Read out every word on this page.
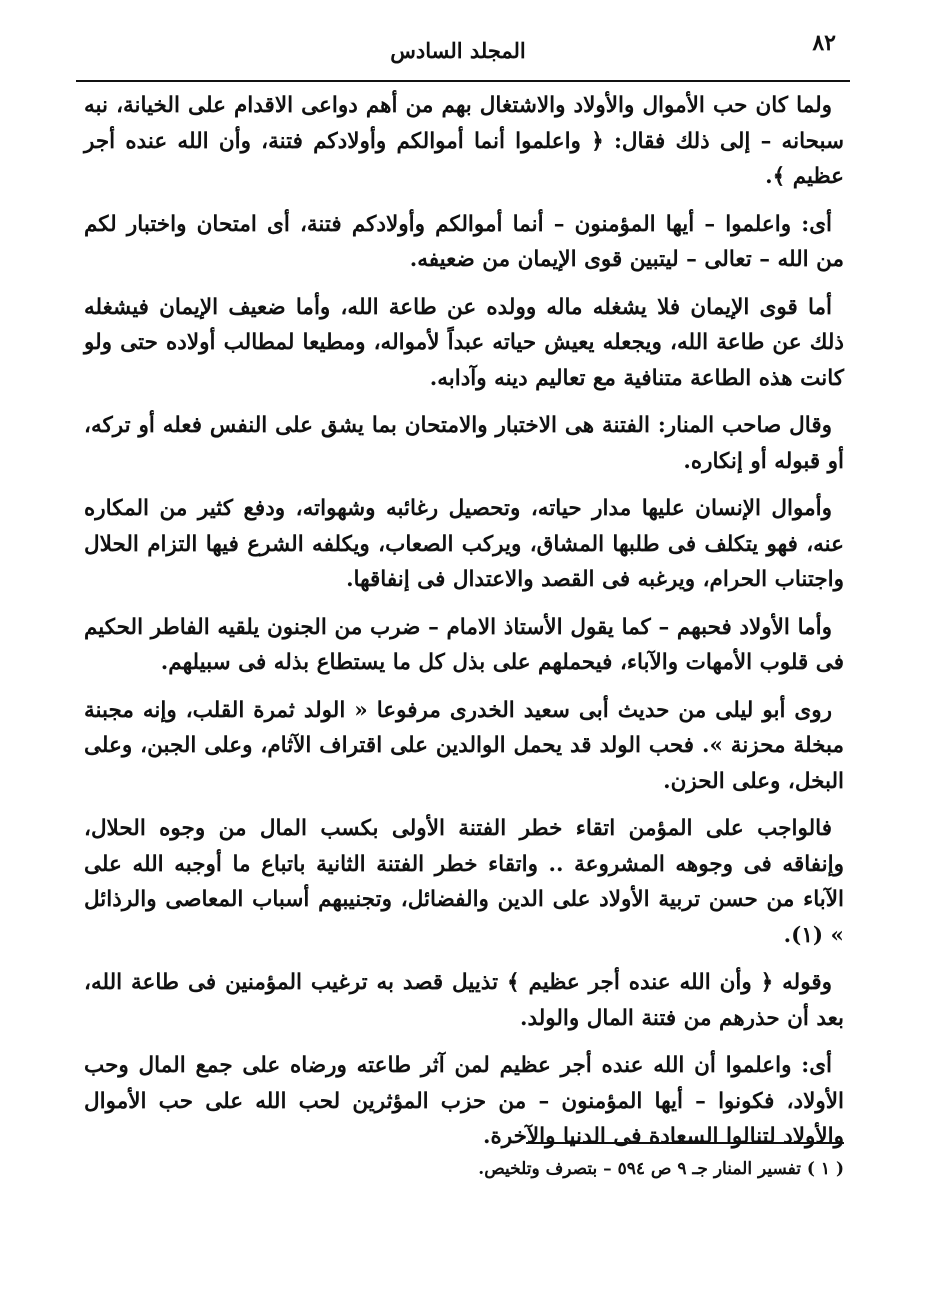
٨٢
المجلد السادس

ولما كان حب الأموال والأولاد والاشتغال بهم من أهم دواعى الاقدام على الخيانة، نبه سبحانه – إلى ذلك فقال: ﴿ واعلموا أنما أموالكم وأولادكم فتنة، وأن الله عنده أجر عظيم ﴾.

أى: واعلموا – أيها المؤمنون – أنما أموالكم وأولادكم فتنة، أى امتحان واختبار لكم من الله – تعالى – ليتبين قوى الإيمان من ضعيفه.

أما قوى الإيمان فلا يشغله ماله وولده عن طاعة الله، وأما ضعيف الإيمان فيشغله ذلك عن طاعة الله، ويجعله يعيش حياته عبداً لأمواله، ومطيعا لمطالب أولاده حتى ولو كانت هذه الطاعة متنافية مع تعاليم دينه وآدابه.

وقال صاحب المنار: الفتنة هى الاختبار والامتحان بما يشق على النفس فعله أو تركه، أو قبوله أو إنكاره.

وأموال الإنسان عليها مدار حياته، وتحصيل رغائبه وشهواته، ودفع كثير من المكاره عنه، فهو يتكلف فى طلبها المشاق، ويركب الصعاب، ويكلفه الشرع فيها التزام الحلال واجتناب الحرام، ويرغبه فى القصد والاعتدال فى إنفاقها.

وأما الأولاد فحبهم – كما يقول الأستاذ الامام – ضرب من الجنون يلقيه الفاطر الحكيم فى قلوب الأمهات والآباء، فيحملهم على بذل كل ما يستطاع بذله فى سبيلهم.

روى أبو ليلى من حديث أبى سعيد الخدرى مرفوعا « الولد ثمرة القلب، وإنه مجبنة مبخلة محزنة ». فحب الولد قد يحمل الوالدين على اقتراف الآثام، وعلى الجبن، وعلى البخل، وعلى الحزن.

فالواجب على المؤمن اتقاء خطر الفتنة الأولى بكسب المال من وجوه الحلال، وإنفاقه فى وجوهه المشروعة .. واتقاء خطر الفتنة الثانية باتباع ما أوجبه الله على الآباء من حسن تربية الأولاد على الدين والفضائل، وتجنيبهم أسباب المعاصى والرذائل » (١).

وقوله ﴿ وأن الله عنده أجر عظيم ﴾ تذييل قصد به ترغيب المؤمنين فى طاعة الله، بعد أن حذرهم من فتنة المال والولد.

أى: واعلموا أن الله عنده أجر عظيم لمن آثر طاعته ورضاه على جمع المال وحب الأولاد، فكونوا – أيها المؤمنون – من حزب المؤثرين لحب الله على حب الأموال والأولاد لتنالوا السعادة فى الدنيا والآخرة.

( ١ ) تفسير المنار جـ ٩ ص ٥٩٤ – بتصرف وتلخيص.
